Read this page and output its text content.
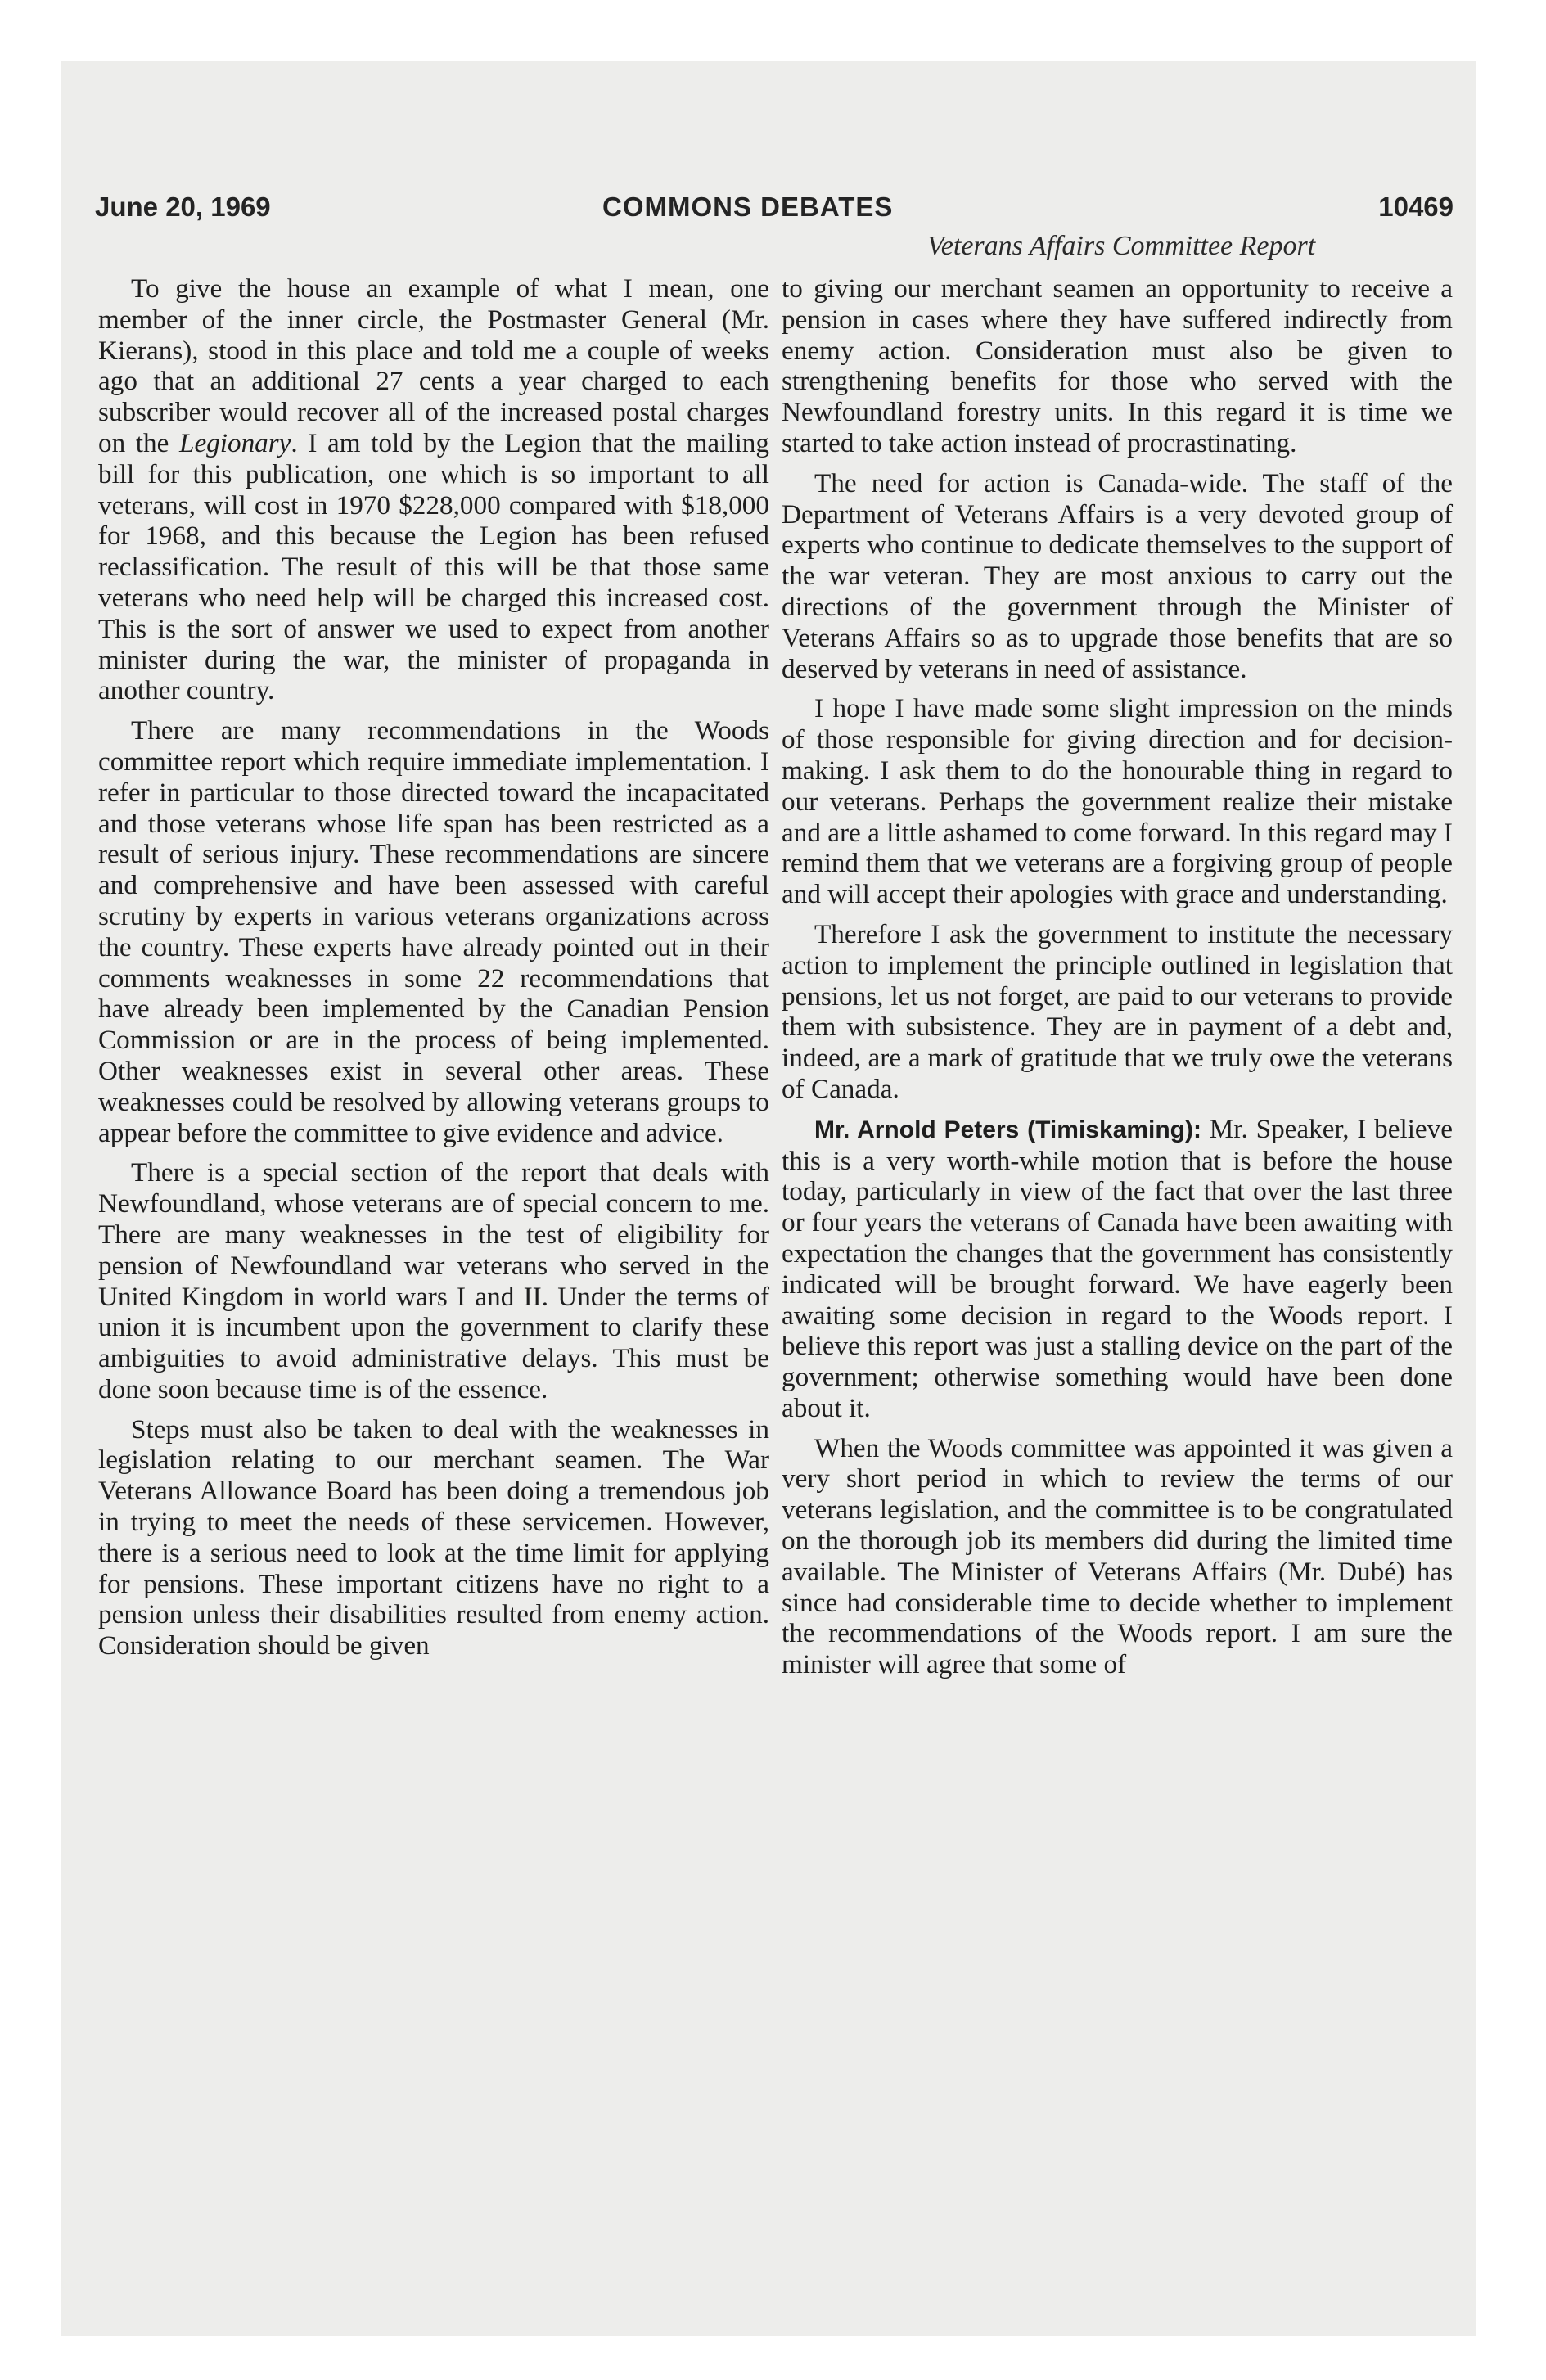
June 20, 1969	COMMONS DEBATES	10469
Veterans Affairs Committee Report

To give the house an example of what I mean, one member of the inner circle, the Postmaster General (Mr. Kierans), stood in this place and told me a couple of weeks ago that an additional 27 cents a year charged to each subscriber would recover all of the increased postal charges on the Legionary. I am told by the Legion that the mailing bill for this publication, one which is so important to all veterans, will cost in 1970 $228,000 compared with $18,000 for 1968, and this because the Legion has been refused reclassification. The result of this will be that those same veterans who need help will be charged this increased cost. This is the sort of answer we used to expect from another minister during the war, the minister of propaganda in another country.

There are many recommendations in the Woods committee report which require immediate implementation. I refer in particular to those directed toward the incapacitated and those veterans whose life span has been restricted as a result of serious injury. These recommendations are sincere and comprehensive and have been assessed with careful scrutiny by experts in various veterans organizations across the country. These experts have already pointed out in their comments weaknesses in some 22 recommendations that have already been implemented by the Canadian Pension Commission or are in the process of being implemented. Other weaknesses exist in several other areas. These weaknesses could be resolved by allowing veterans groups to appear before the committee to give evidence and advice.

There is a special section of the report that deals with Newfoundland, whose veterans are of special concern to me. There are many weaknesses in the test of eligibility for pension of Newfoundland war veterans who served in the United Kingdom in world wars I and II. Under the terms of union it is incumbent upon the government to clarify these ambiguities to avoid administrative delays. This must be done soon because time is of the essence.

Steps must also be taken to deal with the weaknesses in legislation relating to our merchant seamen. The War Veterans Allowance Board has been doing a tremendous job in trying to meet the needs of these servicemen. However, there is a serious need to look at the time limit for applying for pensions. These important citizens have no right to a pension unless their disabilities resulted from enemy action. Consideration should be given

to giving our merchant seamen an opportunity to receive a pension in cases where they have suffered indirectly from enemy action. Consideration must also be given to strengthening benefits for those who served with the Newfoundland forestry units. In this regard it is time we started to take action instead of procrastinating.

The need for action is Canada-wide. The staff of the Department of Veterans Affairs is a very devoted group of experts who continue to dedicate themselves to the support of the war veteran. They are most anxious to carry out the directions of the government through the Minister of Veterans Affairs so as to upgrade those benefits that are so deserved by veterans in need of assistance.

I hope I have made some slight impression on the minds of those responsible for giving direction and for decision-making. I ask them to do the honourable thing in regard to our veterans. Perhaps the government realize their mistake and are a little ashamed to come forward. In this regard may I remind them that we veterans are a forgiving group of people and will accept their apologies with grace and understanding.

Therefore I ask the government to institute the necessary action to implement the principle outlined in legislation that pensions, let us not forget, are paid to our veterans to provide them with subsistence. They are in payment of a debt and, indeed, are a mark of gratitude that we truly owe the veterans of Canada.

Mr. Arnold Peters (Timiskaming): Mr. Speaker, I believe this is a very worth-while motion that is before the house today, particularly in view of the fact that over the last three or four years the veterans of Canada have been awaiting with expectation the changes that the government has consistently indicated will be brought forward. We have eagerly been awaiting some decision in regard to the Woods report. I believe this report was just a stalling device on the part of the government; otherwise something would have been done about it.

When the Woods committee was appointed it was given a very short period in which to review the terms of our veterans legislation, and the committee is to be congratulated on the thorough job its members did during the limited time available. The Minister of Veterans Affairs (Mr. Dubé) has since had considerable time to decide whether to implement the recommendations of the Woods report. I am sure the minister will agree that some of
